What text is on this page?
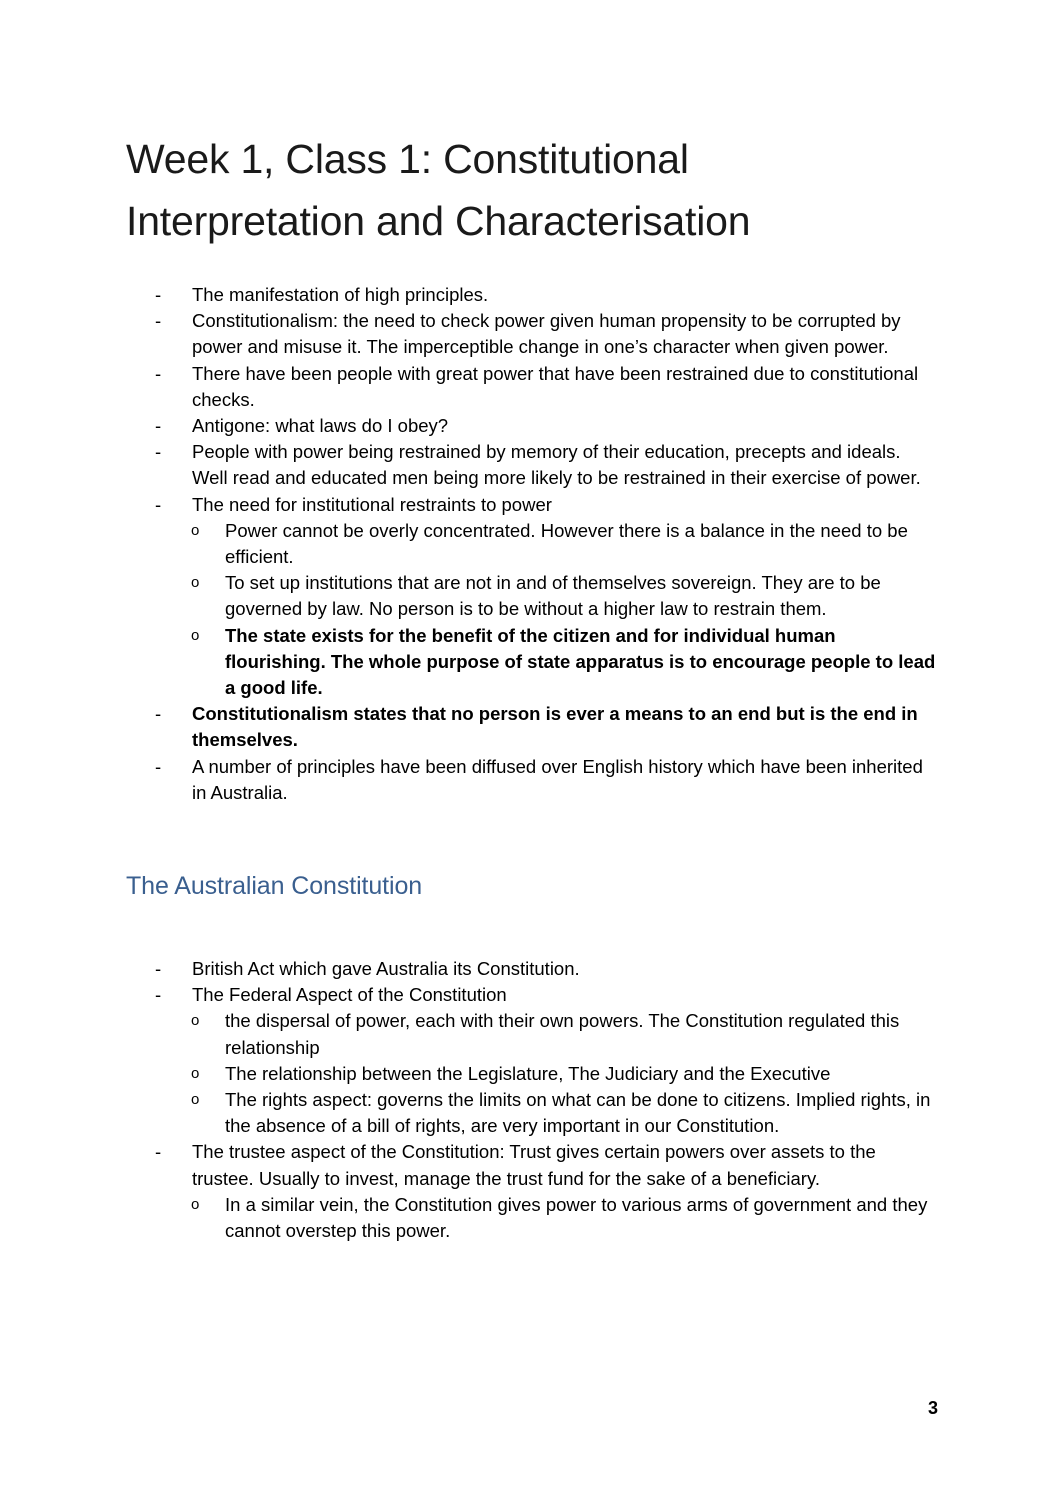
Week 1, Class 1: Constitutional Interpretation and Characterisation
- The manifestation of high principles.
- Constitutionalism: the need to check power given human propensity to be corrupted by power and misuse it. The imperceptible change in one’s character when given power.
- There have been people with great power that have been restrained due to constitutional checks.
- Antigone: what laws do I obey?
- People with power being restrained by memory of their education, precepts and ideals. Well read and educated men being more likely to be restrained in their exercise of power.
- The need for institutional restraints to power
o Power cannot be overly concentrated. However there is a balance in the need to be efficient.
o To set up institutions that are not in and of themselves sovereign. They are to be governed by law. No person is to be without a higher law to restrain them.
o The state exists for the benefit of the citizen and for individual human flourishing. The whole purpose of state apparatus is to encourage people to lead a good life.
- Constitutionalism states that no person is ever a means to an end but is the end in themselves.
- A number of principles have been diffused over English history which have been inherited in Australia.
The Australian Constitution
- British Act which gave Australia its Constitution.
- The Federal Aspect of the Constitution
o the dispersal of power, each with their own powers. The Constitution regulated this relationship
o The relationship between the Legislature, The Judiciary and the Executive
o The rights aspect: governs the limits on what can be done to citizens. Implied rights, in the absence of a bill of rights, are very important in our Constitution.
- The trustee aspect of the Constitution: Trust gives certain powers over assets to the trustee. Usually to invest, manage the trust fund for the sake of a beneficiary.
o In a similar vein, the Constitution gives power to various arms of government and they cannot overstep this power.
3
